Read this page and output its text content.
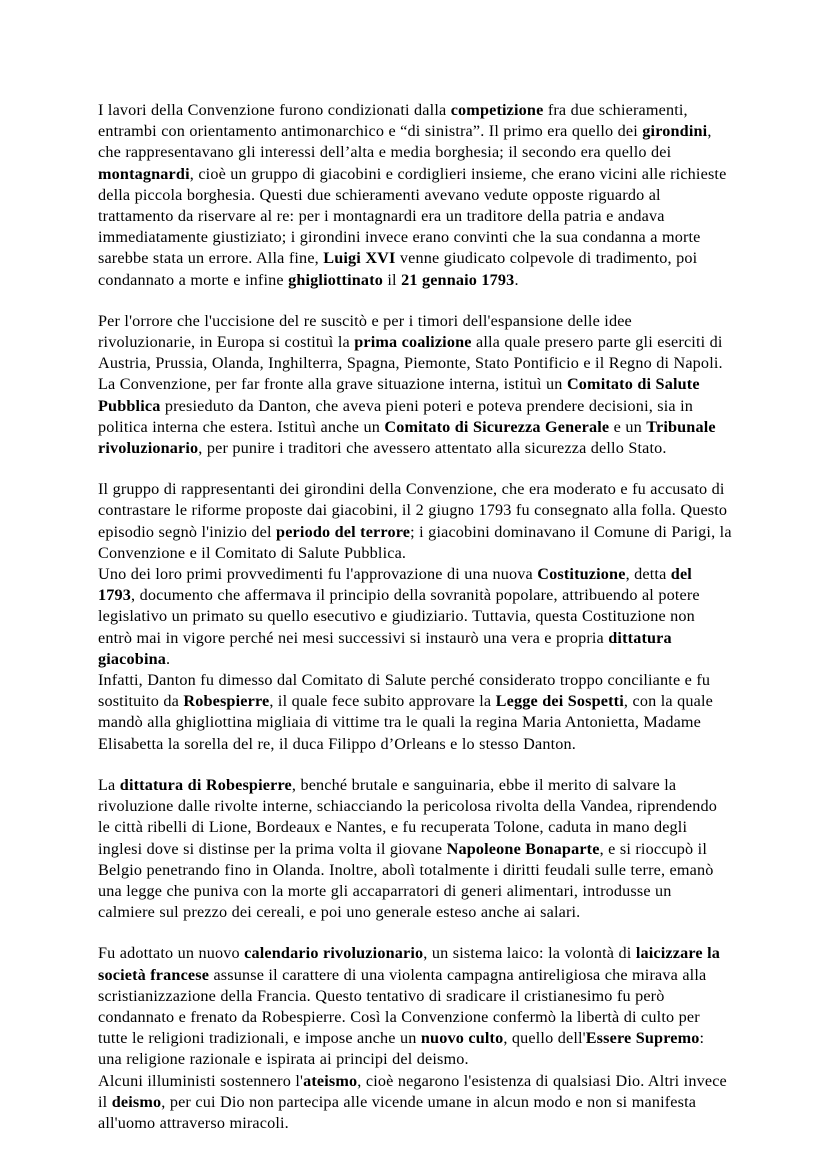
I lavori della Convenzione furono condizionati dalla competizione fra due schieramenti, entrambi con orientamento antimonarchico e “di sinistra”. Il primo era quello dei girondini, che rappresentavano gli interessi dell’alta e media borghesia; il secondo era quello dei montagnardi, cioè un gruppo di giacobini e cordiglieri insieme, che erano vicini alle richieste della piccola borghesia. Questi due schieramenti avevano vedute opposte riguardo al trattamento da riservare al re: per i montagnardi era un traditore della patria e andava immediatamente giustiziato; i girondini invece erano convinti che la sua condanna a morte sarebbe stata un errore. Alla fine, Luigi XVI venne giudicato colpevole di tradimento, poi condannato a morte e infine ghigliottinato il 21 gennaio 1793.

Per l'orrore che l'uccisione del re suscitò e per i timori dell'espansione delle idee rivoluzionarie, in Europa si costituì la prima coalizione alla quale presero parte gli eserciti di Austria, Prussia, Olanda, Inghilterra, Spagna, Piemonte, Stato Pontificio e il Regno di Napoli. La Convenzione, per far fronte alla grave situazione interna, istituì un Comitato di Salute Pubblica presieduto da Danton, che aveva pieni poteri e poteva prendere decisioni, sia in politica interna che estera. Istituì anche un Comitato di Sicurezza Generale e un Tribunale rivoluzionario, per punire i traditori che avessero attentato alla sicurezza dello Stato.

Il gruppo di rappresentanti dei girondini della Convenzione, che era moderato e fu accusato di contrastare le riforme proposte dai giacobini, il 2 giugno 1793 fu consegnato alla folla. Questo episodio segnò l'inizio del periodo del terrore; i giacobini dominavano il Comune di Parigi, la Convenzione e il Comitato di Salute Pubblica.
Uno dei loro primi provvedimenti fu l'approvazione di una nuova Costituzione, detta del 1793, documento che affermava il principio della sovranità popolare, attribuendo al potere legislativo un primato su quello esecutivo e giudiziario. Tuttavia, questa Costituzione non entrò mai in vigore perché nei mesi successivi si instaurò una vera e propria dittatura giacobina.
Infatti, Danton fu dimesso dal Comitato di Salute perché considerato troppo conciliante e fu sostituito da Robespierre, il quale fece subito approvare la Legge dei Sospetti, con la quale mandò alla ghigliottina migliaia di vittime tra le quali la regina Maria Antonietta, Madame Elisabetta la sorella del re, il duca Filippo d’Orleans e lo stesso Danton.

La dittatura di Robespierre, benché brutale e sanguinaria, ebbe il merito di salvare la rivoluzione dalle rivolte interne, schiacciando la pericolosa rivolta della Vandea, riprendendo le città ribelli di Lione, Bordeaux e Nantes, e fu recuperata Tolone, caduta in mano degli inglesi dove si distinse per la prima volta il giovane Napoleone Bonaparte, e si rioccupò il Belgio penetrando fino in Olanda. Inoltre, abolì totalmente i diritti feudali sulle terre, emanò una legge che puniva con la morte gli accaparratori di generi alimentari, introdusse un calmiere sul prezzo dei cereali, e poi uno generale esteso anche ai salari.

Fu adottato un nuovo calendario rivoluzionario, un sistema laico: la volontà di laicizzare la società francese assunse il carattere di una violenta campagna antireligiosa che mirava alla scristianizzazione della Francia. Questo tentativo di sradicare il cristianesimo fu però condannato e frenato da Robespierre. Così la Convenzione confermò la libertà di culto per tutte le religioni tradizionali, e impose anche un nuovo culto, quello dell'Essere Supremo: una religione razionale e ispirata ai principi del deismo.
Alcuni illuministi sostennero l'ateismo, cioè negarono l'esistenza di qualsiasi Dio. Altri invece il deismo, per cui Dio non partecipa alle vicende umane in alcun modo e non si manifesta all'uomo attraverso miracoli.
